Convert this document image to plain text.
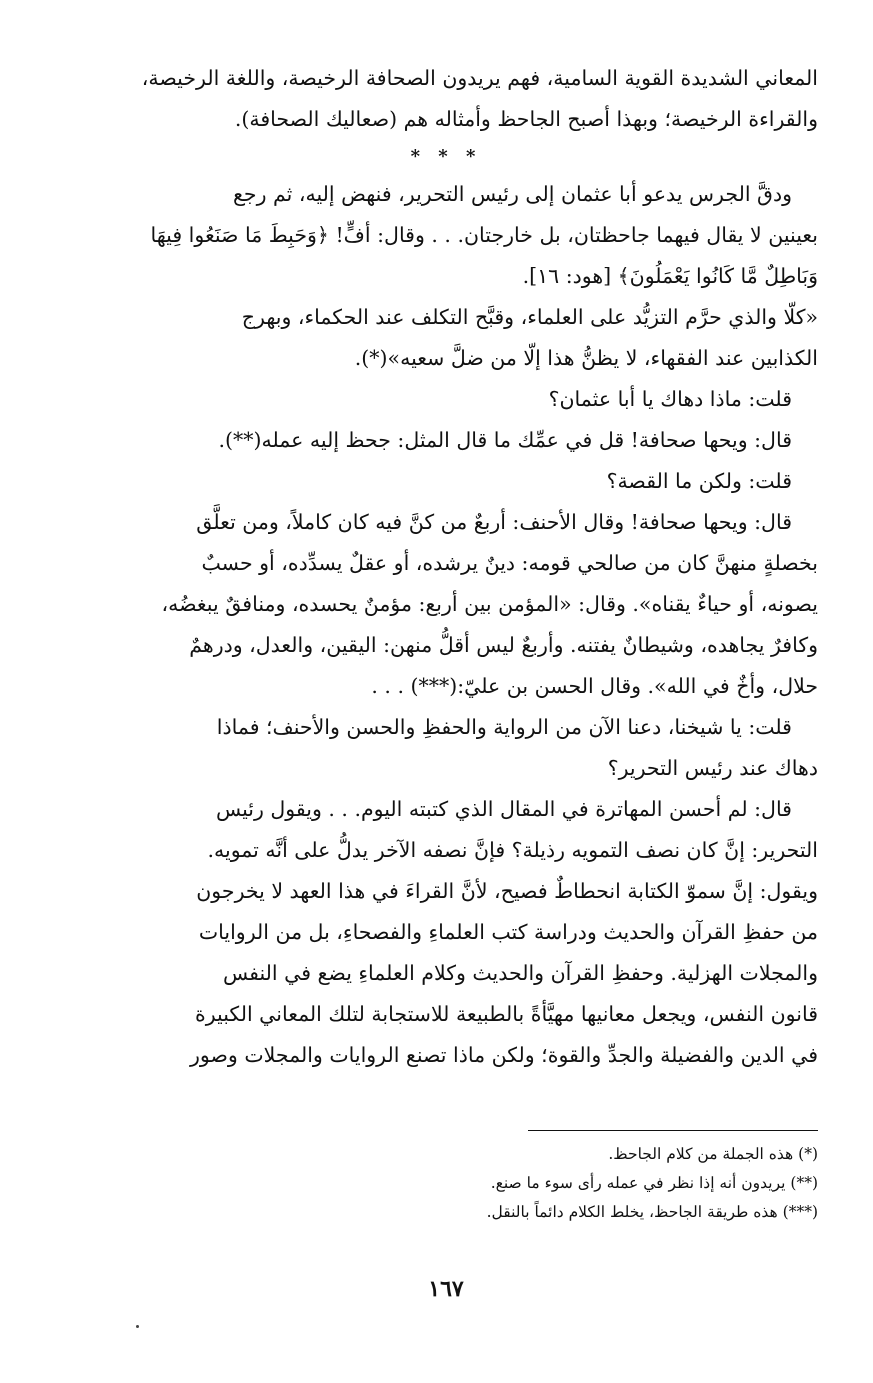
المعاني الشديدة القوية السامية، فهم يريدون الصحافة الرخيصة، واللغة الرخيصة،
والقراءة الرخيصة؛ وبهذا أصبح الجاحظ وأمثاله هم (صعاليك الصحافة).
* * *
ودقَّ الجرس يدعو أبا عثمان إلى رئيس التحرير، فنهض إليه، ثم رجع
بعينين لا يقال فيهما جاحظتان، بل خارجتان. . . وقال: أفٍّ! ﴿وَحَبِطَ مَا صَنَعُوا فِيهَا
وَبَاطِلٌ مَّا كَانُوا يَعْمَلُونَ﴾ [هود: ١٦].
«كلّا والذي حرَّم التزيُّد على العلماء، وقبَّح التكلف عند الحكماء، وبهرج
الكذابين عند الفقهاء، لا يظنُّ هذا إلّا من ضلَّ سعيه»(*).
قلت: ماذا دهاك يا أبا عثمان؟
قال: ويحها صحافة! قل في عمِّك ما قال المثل: جحظ إليه عمله(**).
قلت: ولكن ما القصة؟
قال: ويحها صحافة! وقال الأحنف: أربعٌ من كنَّ فيه كان كاملاً، ومن تعلَّق
بخصلةٍ منهنَّ كان من صالحي قومه: دينٌ يرشده، أو عقلٌ يسدِّده، أو حسبٌ
يصونه، أو حياءٌ يقناه». وقال: «المؤمن بين أربع: مؤمنٌ يحسده، ومنافقٌ يبغضُه،
وكافرٌ يجاهده، وشيطانٌ يفتنه. وأربعٌ ليس أقلُّ منهن: اليقين، والعدل، ودرهمٌ
حلال، وأخٌ في الله». وقال الحسن بن عليّ:(***) . . .
قلت: يا شيخنا، دعنا الآن من الرواية والحفظِ والحسن والأحنف؛ فماذا
دهاك عند رئيس التحرير؟
قال: لم أحسن المهاترة في المقال الذي كتبته اليوم. . . ويقول رئيس
التحرير: إنَّ كان نصف التمويه رذيلة؟ فإنَّ نصفه الآخر يدلُّ على أنَّه تمويه.
ويقول: إنَّ سموّ الكتابة انحطاطٌ فصيح، لأنَّ القراءَ في هذا العهد لا يخرجون
من حفظِ القرآن والحديث ودراسة كتب العلماءِ والفصحاءِ، بل من الروايات
والمجلات الهزلية. وحفظِ القرآن والحديث وكلام العلماءِ يضع في النفس
قانون النفس، ويجعل معانيها مهيَّأةً بالطبيعة للاستجابة لتلك المعاني الكبيرة
في الدين والفضيلة والجدِّ والقوة؛ ولكن ماذا تصنع الروايات والمجلات وصور
(*) هذه الجملة من كلام الجاحظ.
(**) يريدون أنه إذا نظر في عمله رأى سوء ما صنع.
(***) هذه طريقة الجاحظ، يخلط الكلام دائماً بالنقل.
١٦٧
